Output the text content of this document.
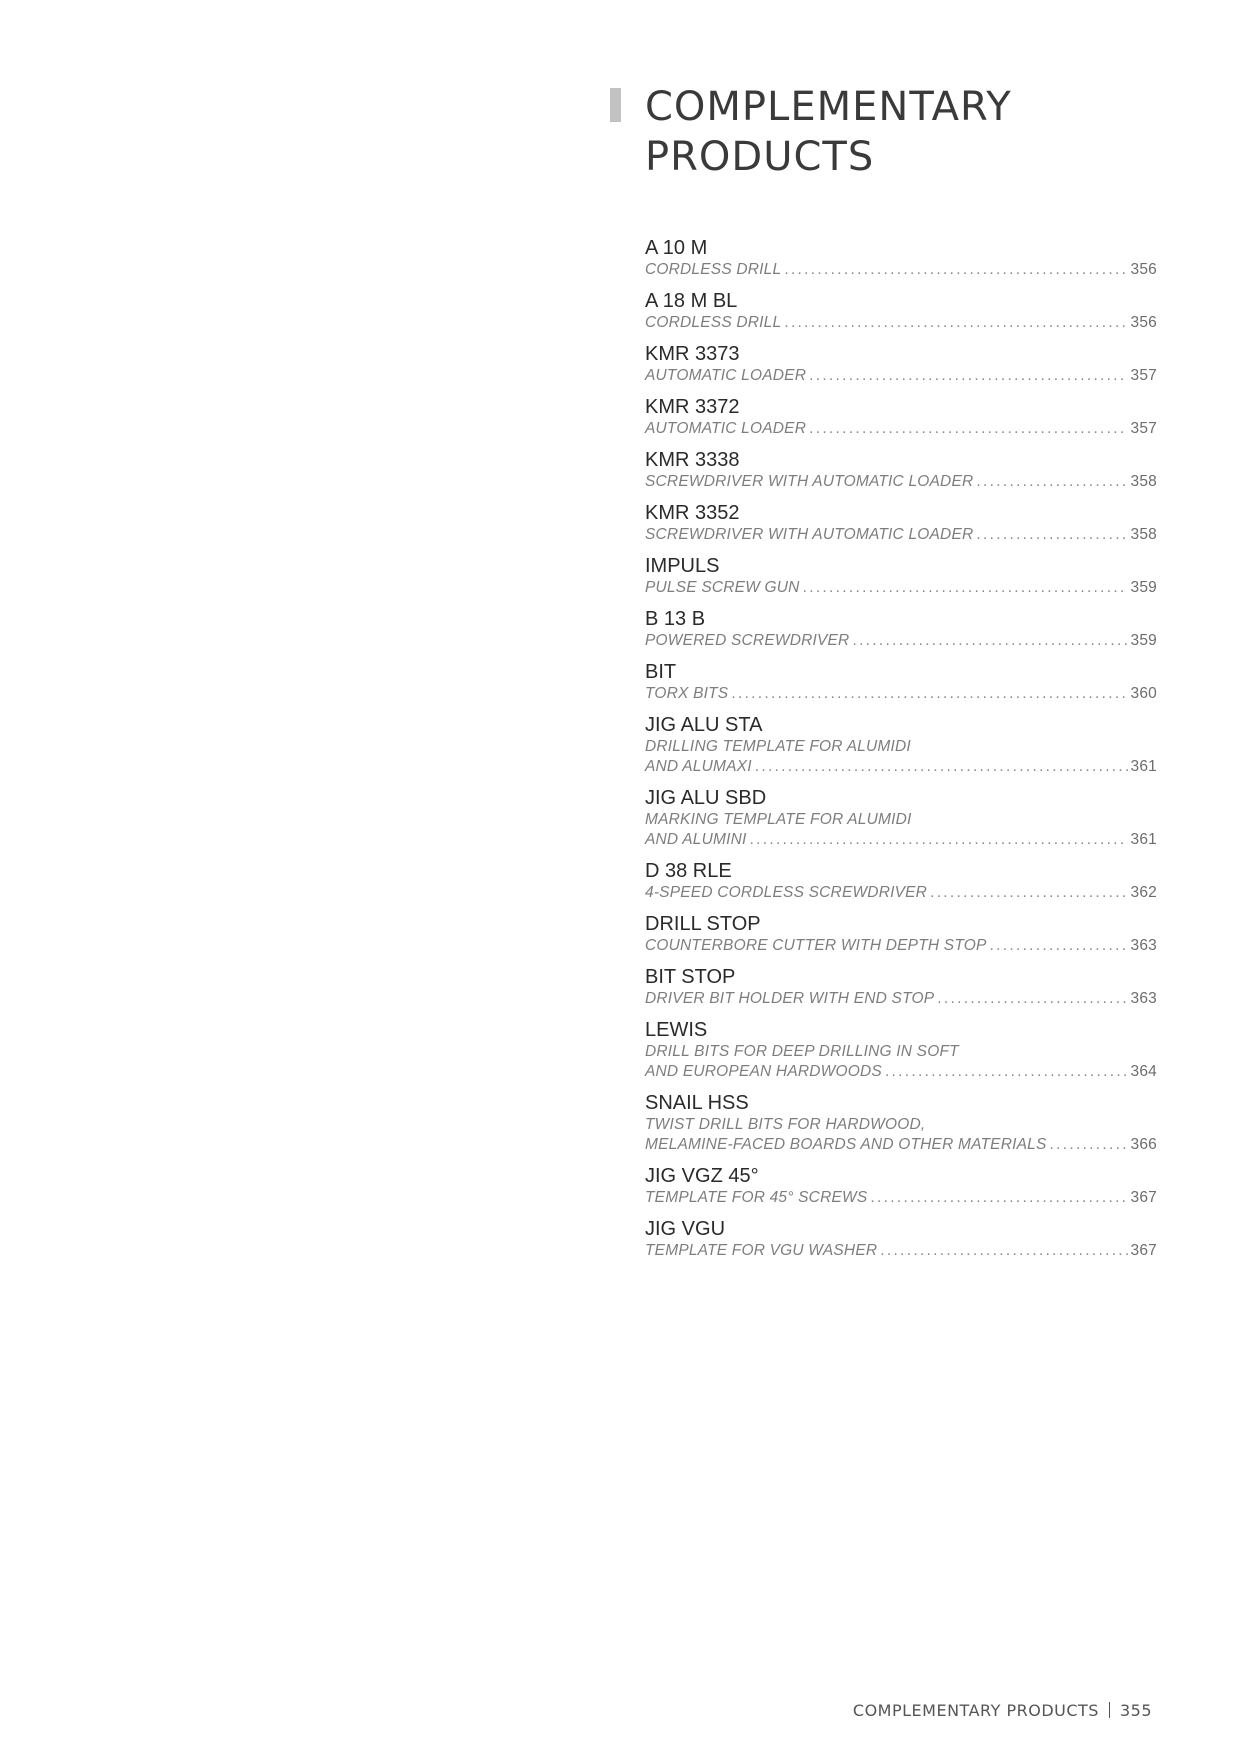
COMPLEMENTARY
PRODUCTS
A 10 M
CORDLESS DRILL . . .	356
A 18 M BL
CORDLESS DRILL . . .	356
KMR 3373
AUTOMATIC LOADER . . .	357
KMR 3372
AUTOMATIC LOADER . . .	357
KMR 3338
SCREWDRIVER WITH AUTOMATIC LOADER . . .	358
KMR 3352
SCREWDRIVER WITH AUTOMATIC LOADER . . .	358
IMPULS
PULSE SCREW GUN . . .	359
B 13 B
POWERED SCREWDRIVER . . .	359
BIT
TORX BITS . . .	360
JIG ALU STA
DRILLING TEMPLATE FOR ALUMIDI
AND ALUMAXI . . .	361
JIG ALU SBD
MARKING TEMPLATE FOR ALUMIDI
AND ALUMINI . . .	361
D 38 RLE
4-SPEED CORDLESS SCREWDRIVER . . .	362
DRILL STOP
COUNTERBORE CUTTER WITH DEPTH STOP . . .	363
BIT STOP
DRIVER BIT HOLDER WITH END STOP . . .	363
LEWIS
DRILL BITS FOR DEEP DRILLING IN SOFT
AND EUROPEAN HARDWOODS . . .	364
SNAIL HSS
TWIST DRILL BITS FOR HARDWOOD,
MELAMINE-FACED BOARDS AND OTHER MATERIALS . . .	366
JIG VGZ 45°
TEMPLATE FOR 45° SCREWS . . .	367
JIG VGU
TEMPLATE FOR VGU WASHER . . .	367
COMPLEMENTARY PRODUCTS 355
